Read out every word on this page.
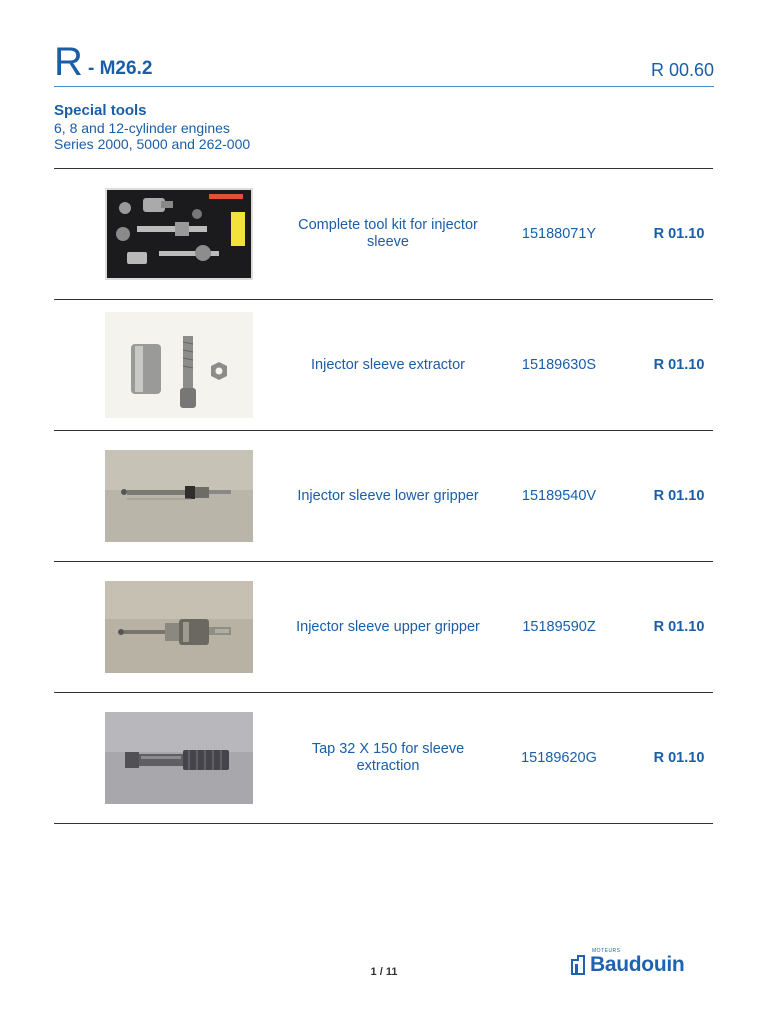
R - M26.2	R 00.60
Special tools
6, 8 and 12-cylinder engines
Series 2000, 5000 and 262-000
Complete tool kit for injector sleeve	15188071Y	R 01.10
Injector sleeve extractor	15189630S	R 01.10
Injector sleeve lower gripper	15189540V	R 01.10
Injector sleeve upper gripper	15189590Z	R 01.10
Tap 32 X 150 for sleeve extraction	15189620G	R 01.10
1 / 11
MOTEURS
Baudouin
